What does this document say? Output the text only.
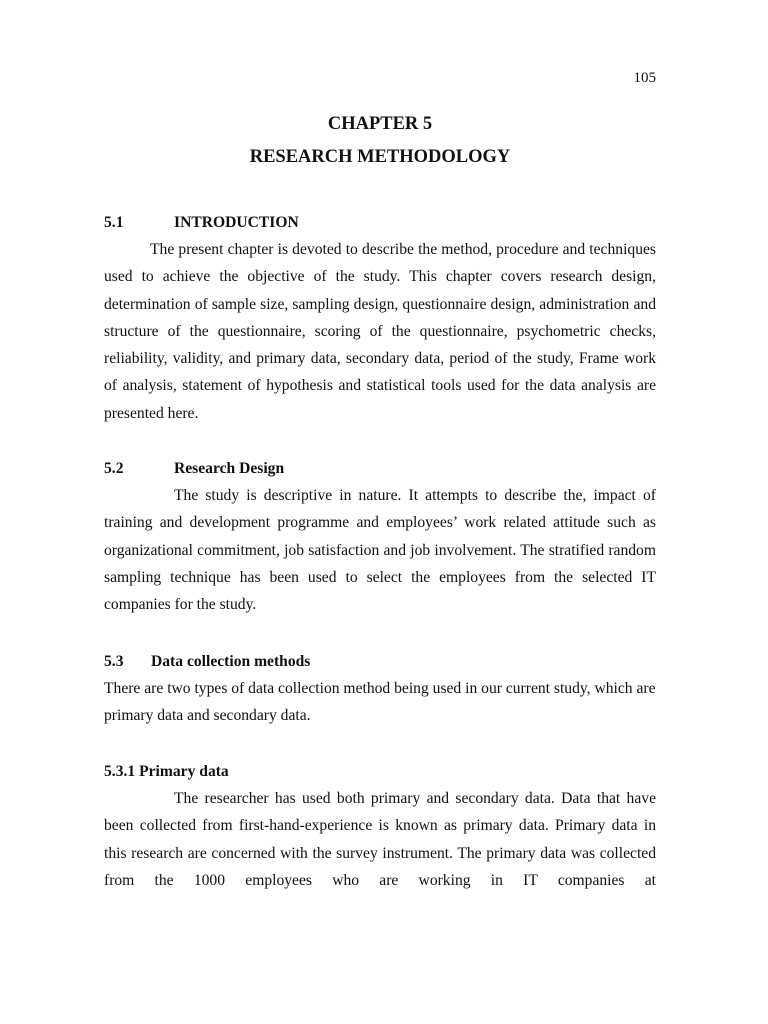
105
CHAPTER 5
RESEARCH METHODOLOGY

5.1	INTRODUCTION

The present chapter is devoted to describe the method, procedure and techniques used to achieve the objective of the study. This chapter covers research design, determination of sample size, sampling design, questionnaire design, administration and structure of the questionnaire, scoring of the questionnaire, psychometric checks, reliability, validity, and primary data, secondary data, period of the study, Frame work of analysis, statement of hypothesis and statistical tools used for the data analysis are presented here.

5.2	Research Design

The study is descriptive in nature. It attempts to describe the, impact of training and development programme and employees’ work related attitude such as organizational commitment, job satisfaction and job involvement. The stratified random sampling technique has been used to select the employees from the selected IT companies for the study.

5.3 Data collection methods

There are two types of data collection method being used in our current study, which are primary data and secondary data.

5.3.1 Primary data

The researcher has used both primary and secondary data. Data that have been collected from first-hand-experience is known as primary data. Primary data in this research are concerned with the survey instrument. The primary data was collected from the 1000 employees who are working in IT companies at
